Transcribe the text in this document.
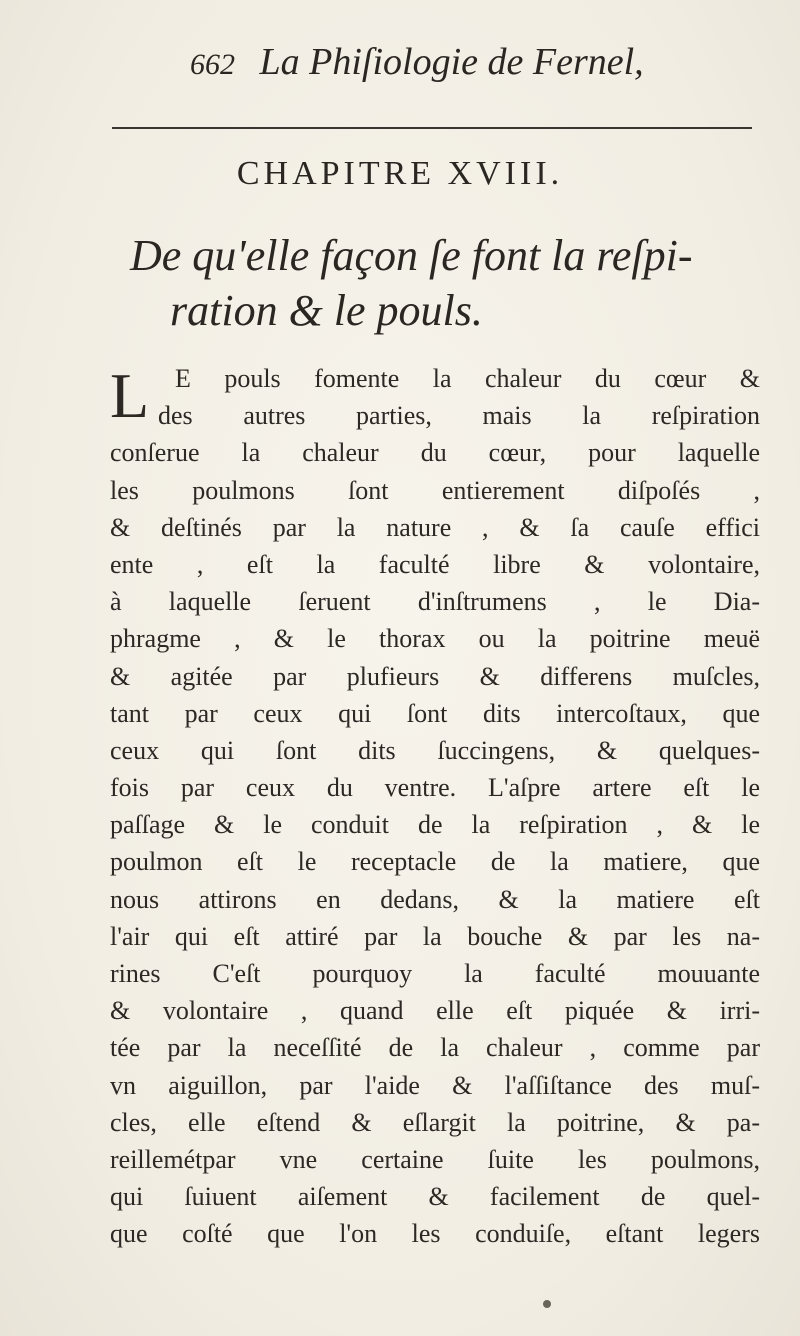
662 La Phiſiologie de Fernel,
CHAPITRE XVIII.
De qu'elle façon ſe font la reſpi-
ration & le pouls.
L E pouls fomente la chaleur du cœur &
des autres parties, mais la reſpiration
conſerue la chaleur du cœur, pour laquelle
les poulmons ſont entierement diſpoſés ,
& deſtinés par la nature , & ſa cauſe effici
ente , eſt la faculté libre & volontaire,
à laquelle ſeruent d'inſtrumens , le Dia-
phragme , & le thorax ou la poitrine meuë
& agitée par plufieurs & differens muſcles,
tant par ceux qui ſont dits intercoſtaux, que
ceux qui ſont dits ſuccingens, & quelques-
fois par ceux du ventre. L'aſpre artere eſt le
paſſage & le conduit de la reſpiration , & le
poulmon eſt le receptacle de la matiere, que
nous attirons en dedans, & la matiere eſt
l'air qui eſt attiré par la bouche & par les na-
rines C'eſt pourquoy la faculté mouuante
& volontaire , quand elle eſt piquée & irri-
tée par la neceſſité de la chaleur , comme par
vn aiguillon, par l'aide & l'aſſiſtance des muſ-
cles, elle eſtend & eſlargit la poitrine, & pa-
reillemétpar vne certaine ſuite les poulmons,
qui ſuiuent aiſement & facilement de quel-
que coſté que l'on les conduiſe, eſtant legers
